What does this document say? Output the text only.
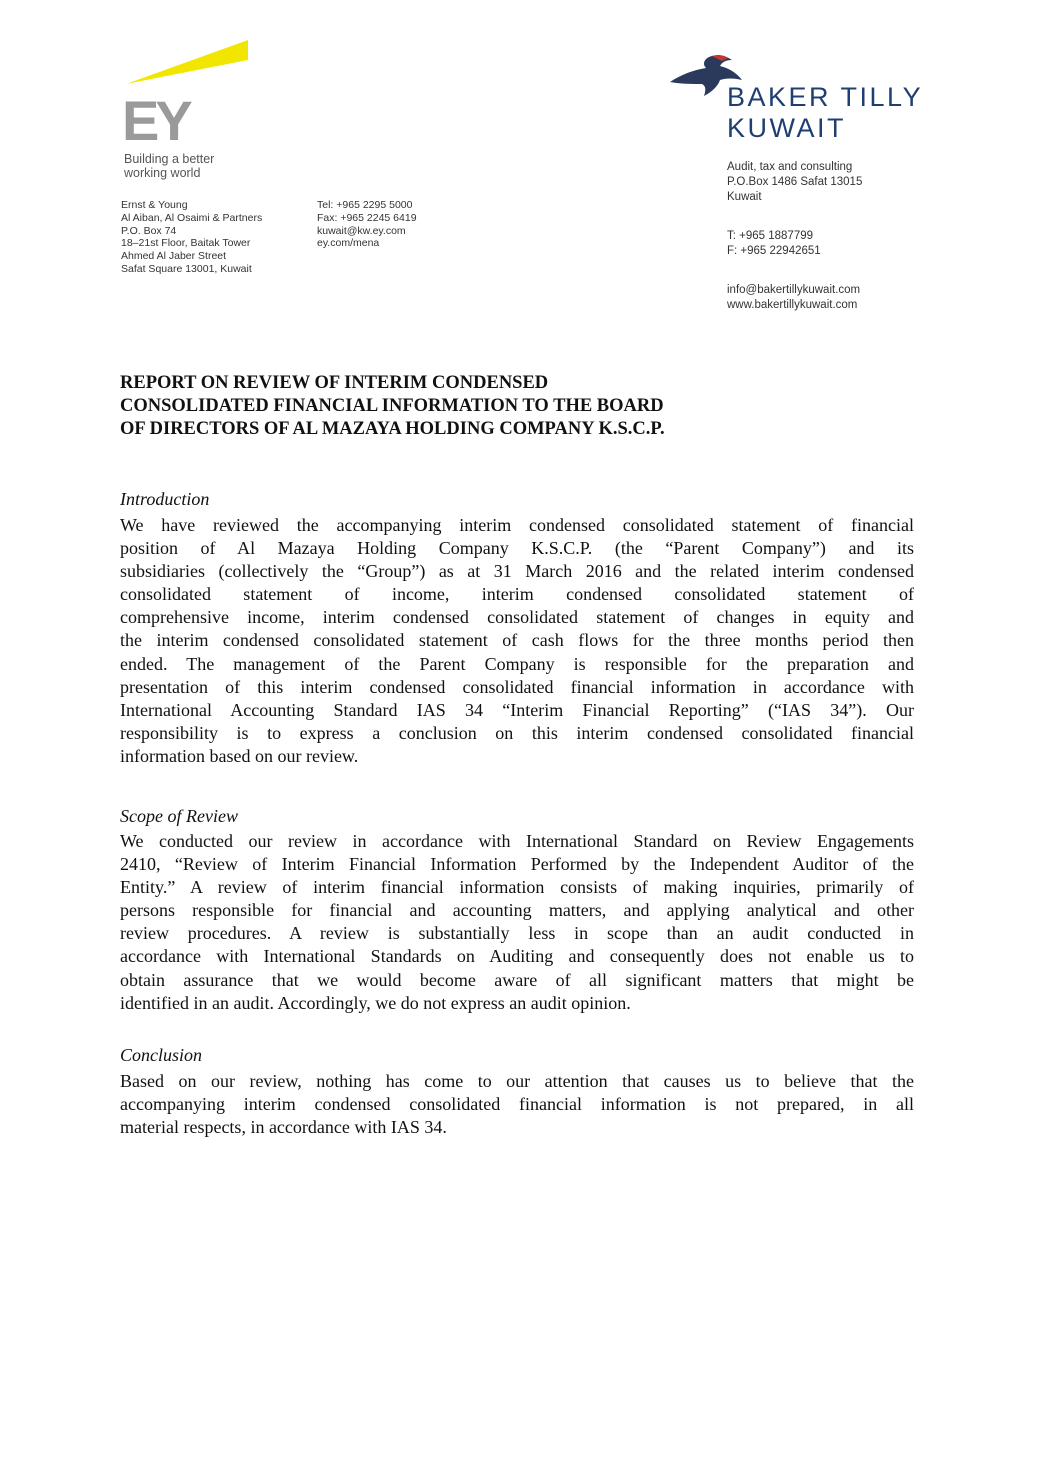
EY
Building a better
working world
Ernst & Young
Al Aiban, Al Osaimi & Partners
P.O. Box 74
18–21st Floor, Baitak Tower
Ahmed Al Jaber Street
Safat Square 13001, Kuwait
Tel: +965 2295 5000
Fax: +965 2245 6419
kuwait@kw.ey.com
ey.com/mena
BAKER TILLY
KUWAIT
Audit, tax and consulting
P.O.Box 1486 Safat 13015
Kuwait
T: +965 1887799
F: +965 22942651
info@bakertillykuwait.com
www.bakertillykuwait.com
REPORT ON REVIEW OF INTERIM CONDENSED
CONSOLIDATED FINANCIAL INFORMATION TO THE BOARD
OF DIRECTORS OF AL MAZAYA HOLDING COMPANY K.S.C.P.
Introduction
We have reviewed the accompanying interim condensed consolidated statement of financial
position of Al Mazaya Holding Company K.S.C.P. (the “Parent Company”) and its
subsidiaries (collectively the “Group”) as at 31 March 2016 and the related interim condensed
consolidated statement of income, interim condensed consolidated statement of
comprehensive income, interim condensed consolidated statement of changes in equity and
the interim condensed consolidated statement of cash flows for the three months period then
ended. The management of the Parent Company is responsible for the preparation and
presentation of this interim condensed consolidated financial information in accordance with
International Accounting Standard IAS 34 “Interim Financial Reporting” (“IAS 34”). Our
responsibility is to express a conclusion on this interim condensed consolidated financial
information based on our review.
Scope of Review
We conducted our review in accordance with International Standard on Review Engagements
2410, “Review of Interim Financial Information Performed by the Independent Auditor of the
Entity.” A review of interim financial information consists of making inquiries, primarily of
persons responsible for financial and accounting matters, and applying analytical and other
review procedures. A review is substantially less in scope than an audit conducted in
accordance with International Standards on Auditing and consequently does not enable us to
obtain assurance that we would become aware of all significant matters that might be
identified in an audit. Accordingly, we do not express an audit opinion.
Conclusion
Based on our review, nothing has come to our attention that causes us to believe that the
accompanying interim condensed consolidated financial information is not prepared, in all
material respects, in accordance with IAS 34.
